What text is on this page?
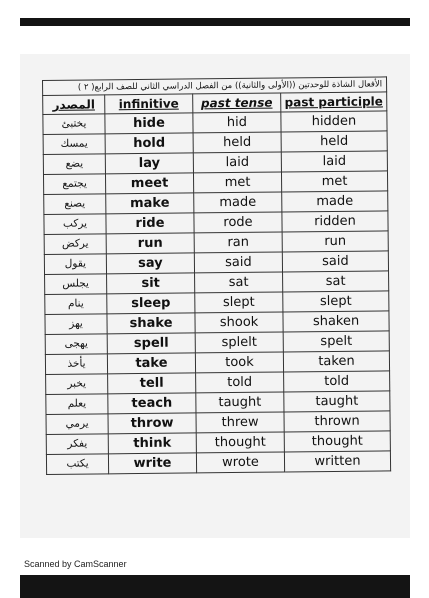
الأفعال الشاذة للوحدتين ((الأولى والثانية)) من الفصل الدراسي الثاني للصف الرابع( ٢ )			
المصدر	infinitive	past tense	past participle
يختبئ	hide	hid	hidden
يمسك	hold	held	held
يضع	lay	laid	laid
يجتمع	meet	met	met
يصنع	make	made	made
يركب	ride	rode	ridden
يركض	run	ran	run
يقول	say	said	said
يجلس	sit	sat	sat
ينام	sleep	slept	slept
يهز	shake	shook	shaken
يهجى	spell	splelt	spelt
يأخذ	take	took	taken
يخبر	tell	told	told
يعلم	teach	taught	taught
يرمي	throw	threw	thrown
يفكر	think	thought	thought
يكتب	write	wrote	written
Scanned by CamScanner
